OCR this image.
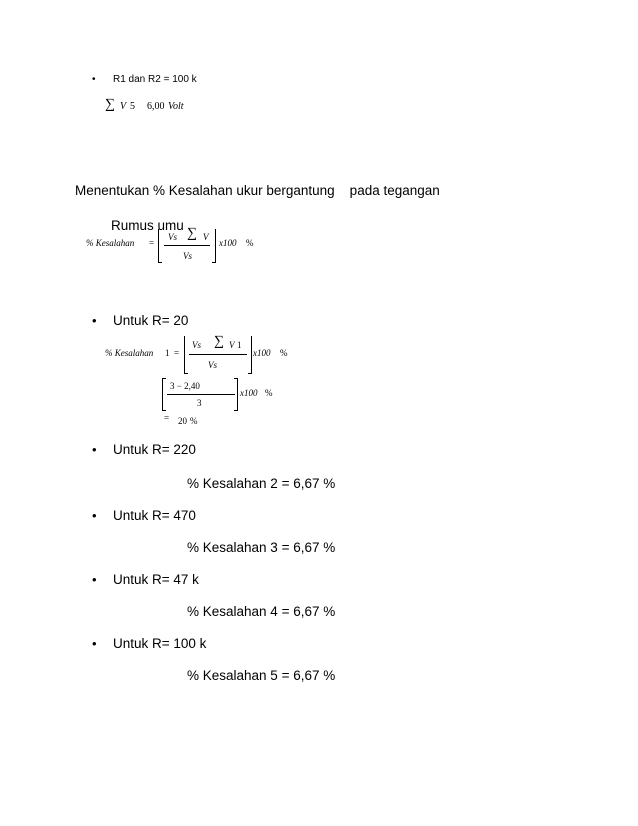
• R1 dan R2 = 100 k
∑ V 5 6,00 Volt
Menentukan % Kesalahan ukur bergantung    pada tegangan
Rumus umu
% Kesalahan =
Vs ∑ V
Vs
x100 %
• Untuk R= 20
% Kesalahan 1 =
Vs ∑ V 1
Vs
x100 %
3 − 2,40
3
x100 %
= 20 %
• Untuk R= 220
% Kesalahan 2 = 6,67 %
• Untuk R= 470
% Kesalahan 3 = 6,67 %
• Untuk R= 47 k
% Kesalahan 4 = 6,67 %
• Untuk R= 100 k
% Kesalahan 5 = 6,67 %
